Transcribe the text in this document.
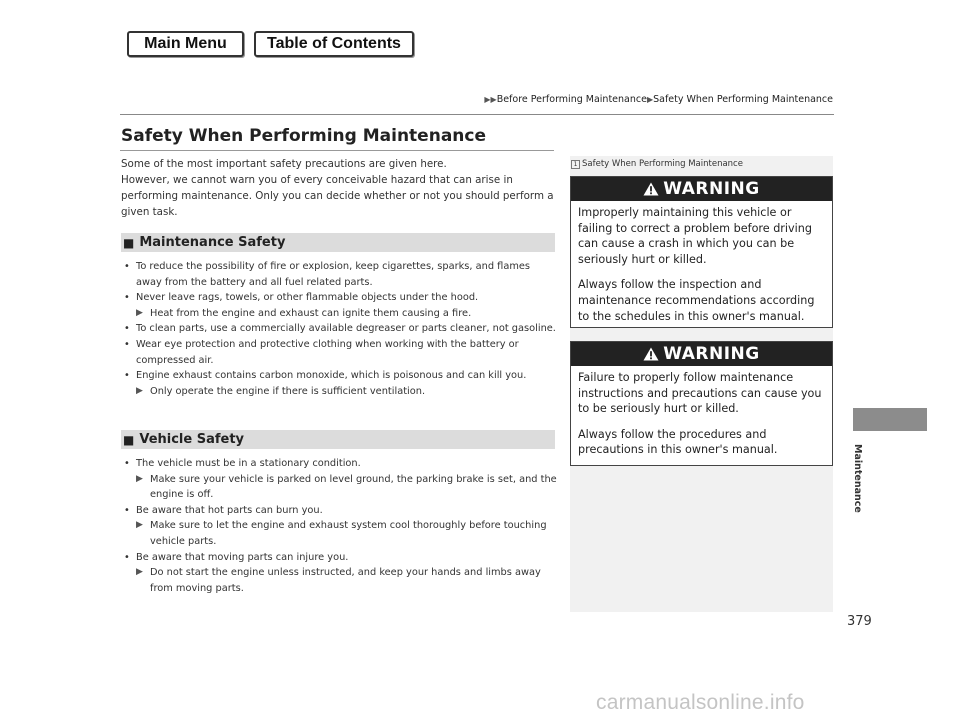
Main Menu	Table of Contents
▶▶Before Performing Maintenance▶Safety When Performing Maintenance
Safety When Performing Maintenance

Some of the most important safety precautions are given here.

However, we cannot warn you of every conceivable hazard that can arise in performing maintenance. Only you can decide whether or not you should perform a given task.

■ Maintenance Safety
• To reduce the possibility of fire or explosion, keep cigarettes, sparks, and flames away from the battery and all fuel related parts.
• Never leave rags, towels, or other flammable objects under the hood.
▶ Heat from the engine and exhaust can ignite them causing a fire.
• To clean parts, use a commercially available degreaser or parts cleaner, not gasoline.
• Wear eye protection and protective clothing when working with the battery or compressed air.
• Engine exhaust contains carbon monoxide, which is poisonous and can kill you.
▶ Only operate the engine if there is sufficient ventilation.
■ Vehicle Safety
• The vehicle must be in a stationary condition.
▶ Make sure your vehicle is parked on level ground, the parking brake is set, and the engine is off.
• Be aware that hot parts can burn you.
▶ Make sure to let the engine and exhaust system cool thoroughly before touching vehicle parts.
• Be aware that moving parts can injure you.
▶ Do not start the engine unless instructed, and keep your hands and limbs away from moving parts.
1 Safety When Performing Maintenance
WARNING

Improperly maintaining this vehicle or failing to correct a problem before driving can cause a crash in which you can be seriously hurt or killed.

Always follow the inspection and maintenance recommendations according to the schedules in this owner's manual.

WARNING

Failure to properly follow maintenance instructions and precautions can cause you to be seriously hurt or killed.

Always follow the procedures and precautions in this owner's manual.	Maintenance
379
carmanualsonline.info
